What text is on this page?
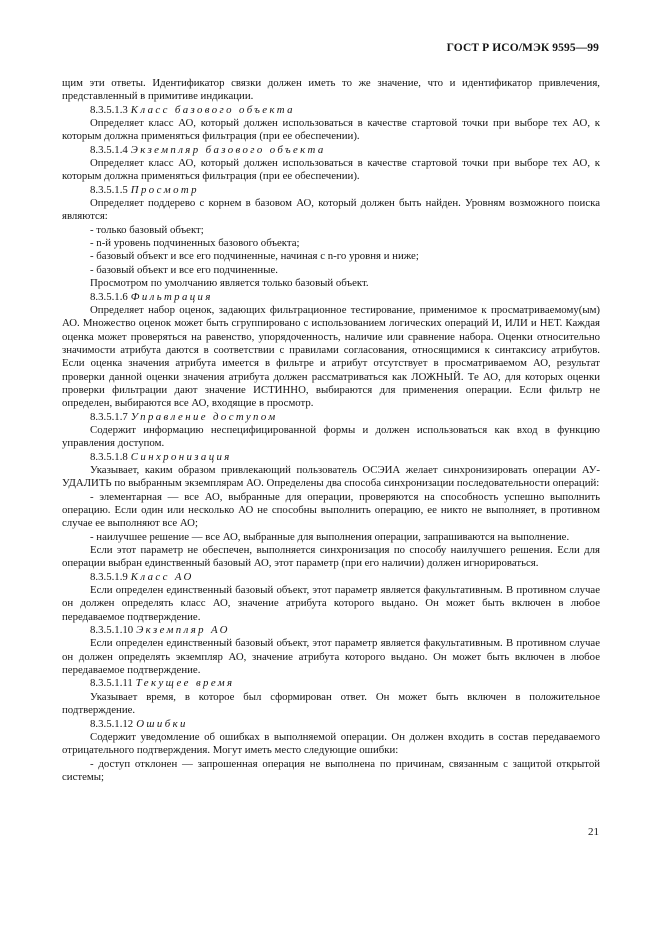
ГОСТ Р ИСО/МЭК 9595—99

щим эти ответы. Идентификатор связки должен иметь то же значение, что и идентификатор привлечения, представленный в примитиве индикации.

8.3.5.1.3 Класс базового объекта

Определяет класс АО, который должен использоваться в качестве стартовой точки при выборе тех АО, к которым должна применяться фильтрация (при ее обеспечении).

8.3.5.1.4 Экземпляр базового объекта

Определяет класс АО, который должен использоваться в качестве стартовой точки при выборе тех АО, к которым должна применяться фильтрация (при ее обеспечении).

8.3.5.1.5 Просмотр

Определяет поддерево с корнем в базовом АО, который должен быть найден. Уровням возможного поиска являются:

- только базовый объект;

- n-й уровень подчиненных базового объекта;

- базовый объект и все его подчиненные, начиная с n-го уровня и ниже;

- базовый объект и все его подчиненные.

Просмотром по умолчанию является только базовый объект.

8.3.5.1.6 Фильтрация

Определяет набор оценок, задающих фильтрационное тестирование, применимое к просматриваемому(ым) АО. Множество оценок может быть сгруппировано с использованием логических операций И, ИЛИ и НЕТ. Каждая оценка может проверяться на равенство, упорядоченность, наличие или сравнение набора. Оценки относительно значимости атрибута даются в соответствии с правилами согласования, относящимися к синтаксису атрибутов. Если оценка значения атрибута имеется в фильтре и атрибут отсутствует в просматриваемом АО, результат проверки данной оценки значения атрибута должен рассматриваться как ЛОЖНЫЙ. Те АО, для которых оценки проверки фильтрации дают значение ИСТИННО, выбираются для применения операции. Если фильтр не определен, выбираются все АО, входящие в просмотр.

8.3.5.1.7 Управление доступом

Содержит информацию неспецифицированной формы и должен использоваться как вход в функцию управления доступом.

8.3.5.1.8 Синхронизация

Указывает, каким образом привлекающий пользователь ОСЭИА желает синхронизировать операции АУ-УДАЛИТЬ по выбранным экземплярам АО. Определены два способа синхронизации последовательности операций:

- элементарная — все АО, выбранные для операции, проверяются на способность успешно выполнить операцию. Если один или несколько АО не способны выполнить операцию, ее никто не выполняет, в противном случае ее выполняют все АО;

- наилучшее решение — все АО, выбранные для выполнения операции, запрашиваются на выполнение.

Если этот параметр не обеспечен, выполняется синхронизация по способу наилучшего решения. Если для операции выбран единственный базовый АО, этот параметр (при его наличии) должен игнорироваться.

8.3.5.1.9 Класс АО

Если определен единственный базовый объект, этот параметр является факультативным. В противном случае он должен определять класс АО, значение атрибута которого выдано. Он может быть включен в любое передаваемое подтверждение.

8.3.5.1.10 Экземпляр АО

Если определен единственный базовый объект, этот параметр является факультативным. В противном случае он должен определять экземпляр АО, значение атрибута которого выдано. Он может быть включен в любое передаваемое подтверждение.

8.3.5.1.11 Текущее время

Указывает время, в которое был сформирован ответ. Он может быть включен в положительное подтверждение.

8.3.5.1.12 Ошибки

Содержит уведомление об ошибках в выполняемой операции. Он должен входить в состав передаваемого отрицательного подтверждения. Могут иметь место следующие ошибки:

- доступ отклонен — запрошенная операция не выполнена по причинам, связанным с защитой открытой системы;

21
